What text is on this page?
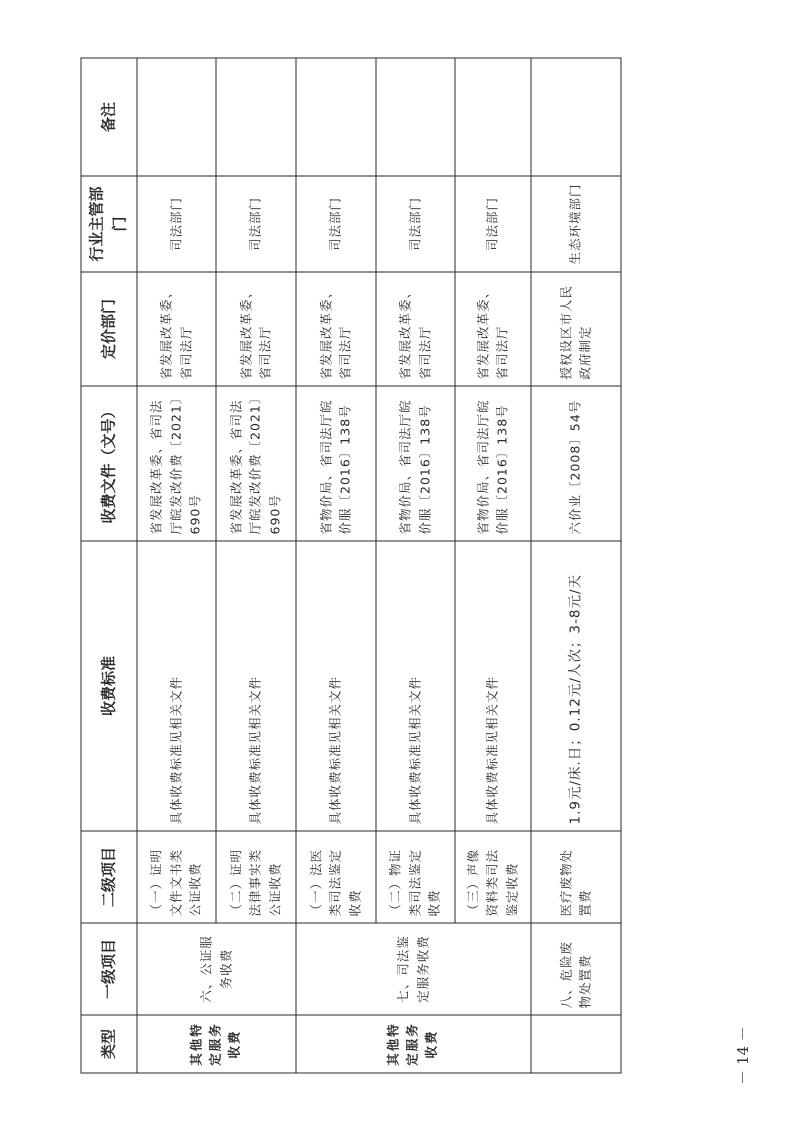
类型	一级项目	二级项目	收费标准	收费文件（文号）	定价部门	行业主管部门	备注
其他特定服务收费	六、公证服务收费	（一）证明文件文书类公证收费	具体收费标准见相关文件	省发展改革委、省司法厅皖发改价费〔2021〕690号	省发展改革委、省司法厅	司法部门	
		（二）证明法律事实类公证收费	具体收费标准见相关文件	省发展改革委、省司法厅皖发改价费〔2021〕690号	省发展改革委、省司法厅	司法部门	
其他特定服务收费	七、司法鉴定服务收费	（一）法医类司法鉴定收费	具体收费标准见相关文件	省物价局、省司法厅皖价服〔2016〕138号	省发展改革委、省司法厅	司法部门	
		（二）物证类司法鉴定收费	具体收费标准见相关文件	省物价局、省司法厅皖价服〔2016〕138号	省发展改革委、省司法厅	司法部门	
		（三）声像资料类司法鉴定收费	具体收费标准见相关文件	省物价局、省司法厅皖价服〔2016〕138号	省发展改革委、省司法厅	司法部门	
	八、危险废物处置费	医疗废物处置费	1.9元/床.日；0.12元/人次；3-8元/天	六价业〔2008〕54号	授权设区市人民政府制定	生态环境部门	
－ 14 －
